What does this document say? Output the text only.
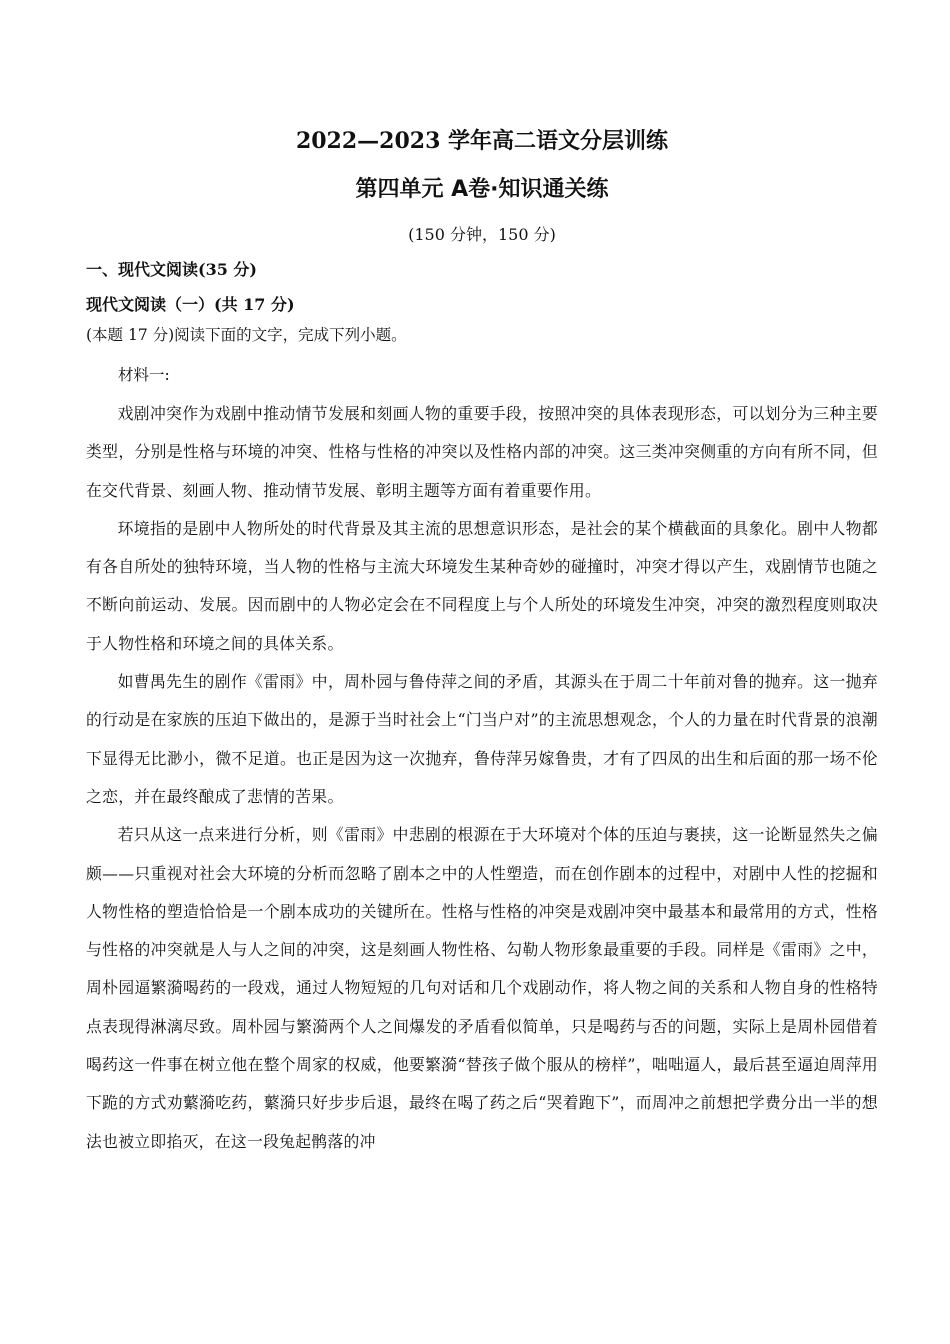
2022—2023 学年高二语文分层训练
第四单元 A卷·知识通关练
(150 分钟，150 分)
一、现代文阅读(35 分)
现代文阅读（一）(共 17 分)
(本题 17 分)阅读下面的文字，完成下列小题。
材料一:

戏剧冲突作为戏剧中推动情节发展和刻画人物的重要手段，按照冲突的具体表现形态，可以划分为三种主要类型，分别是性格与环境的冲突、性格与性格的冲突以及性格内部的冲突。这三类冲突侧重的方向有所不同，但在交代背景、刻画人物、推动情节发展、彰明主题等方面有着重要作用。

环境指的是剧中人物所处的时代背景及其主流的思想意识形态，是社会的某个横截面的具象化。剧中人物都有各自所处的独特环境，当人物的性格与主流大环境发生某种奇妙的碰撞时，冲突才得以产生，戏剧情节也随之不断向前运动、发展。因而剧中的人物必定会在不同程度上与个人所处的环境发生冲突，冲突的激烈程度则取决于人物性格和环境之间的具体关系。

如曹禺先生的剧作《雷雨》中，周朴园与鲁侍萍之间的矛盾，其源头在于周二十年前对鲁的抛弃。这一抛弃的行动是在家族的压迫下做出的，是源于当时社会上“门当户对”的主流思想观念，个人的力量在时代背景的浪潮下显得无比渺小，微不足道。也正是因为这一次抛弃，鲁侍萍另嫁鲁贵，才有了四凤的出生和后面的那一场不伦之恋，并在最终酿成了悲情的苦果。

若只从这一点来进行分析，则《雷雨》中悲剧的根源在于大环境对个体的压迫与裹挟，这一论断显然失之偏颇——只重视对社会大环境的分析而忽略了剧本之中的人性塑造，而在创作剧本的过程中，对剧中人性的挖掘和人物性格的塑造恰恰是一个剧本成功的关键所在。性格与性格的冲突是戏剧冲突中最基本和最常用的方式，性格与性格的冲突就是人与人之间的冲突，这是刻画人物性格、勾勒人物形象最重要的手段。同样是《雷雨》之中，周朴园逼繁漪喝药的一段戏，通过人物短短的几句对话和几个戏剧动作，将人物之间的关系和人物自身的性格特点表现得淋漓尽致。周朴园与繁漪两个人之间爆发的矛盾看似简单，只是喝药与否的问题，实际上是周朴园借着喝药这一件事在树立他在整个周家的权威，他要繁漪“替孩子做个服从的榜样”，咄咄逼人，最后甚至逼迫周萍用下跪的方式劝蘩漪吃药，蘩漪只好步步后退，最终在喝了药之后“哭着跑下”，而周冲之前想把学费分出一半的想法也被立即掐灭，在这一段兔起鹘落的冲
